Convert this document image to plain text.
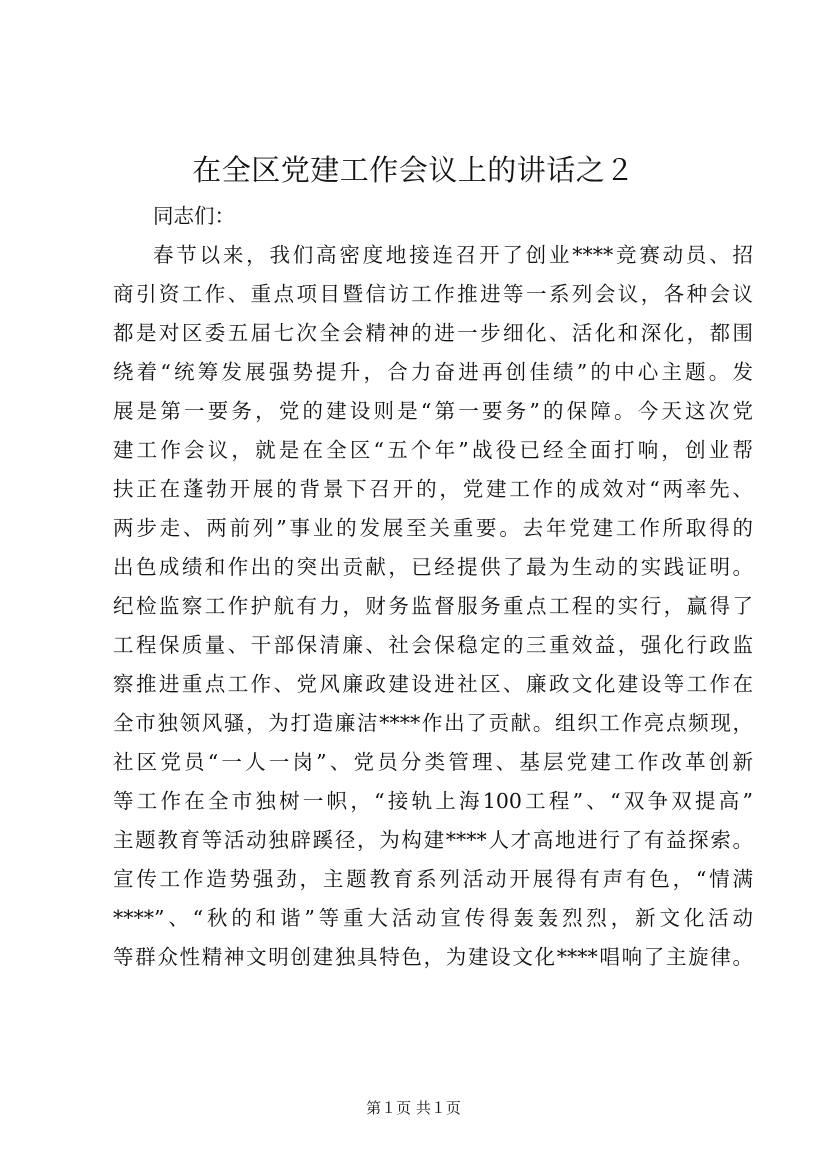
在全区党建工作会议上的讲话之２
同志们：
春节以来，我们高密度地接连召开了创业****竞赛动员、招
商引资工作、重点项目暨信访工作推进等一系列会议，各种会议
都是对区委五届七次全会精神的进一步细化、活化和深化，都围
绕着“统筹发展强势提升，合力奋进再创佳绩”的中心主题。发
展是第一要务，党的建设则是“第一要务”的保障。今天这次党
建工作会议，就是在全区“五个年”战役已经全面打响，创业帮
扶正在蓬勃开展的背景下召开的，党建工作的成效对“两率先、
两步走、两前列”事业的发展至关重要。去年党建工作所取得的
出色成绩和作出的突出贡献，已经提供了最为生动的实践证明。
纪检监察工作护航有力，财务监督服务重点工程的实行，赢得了
工程保质量、干部保清廉、社会保稳定的三重效益，强化行政监
察推进重点工作、党风廉政建设进社区、廉政文化建设等工作在
全市独领风骚，为打造廉洁****作出了贡献。组织工作亮点频现，
社区党员“一人一岗”、党员分类管理、基层党建工作改革创新
等工作在全市独树一帜，“接轨上海100工程”、“双争双提高”
主题教育等活动独辟蹊径，为构建****人才高地进行了有益探索。
宣传工作造势强劲，主题教育系列活动开展得有声有色，“情满
****”、“秋的和谐”等重大活动宣传得轰轰烈烈，新文化活动
等群众性精神文明创建独具特色，为建设文化****唱响了主旋律。
第１页 共１页
